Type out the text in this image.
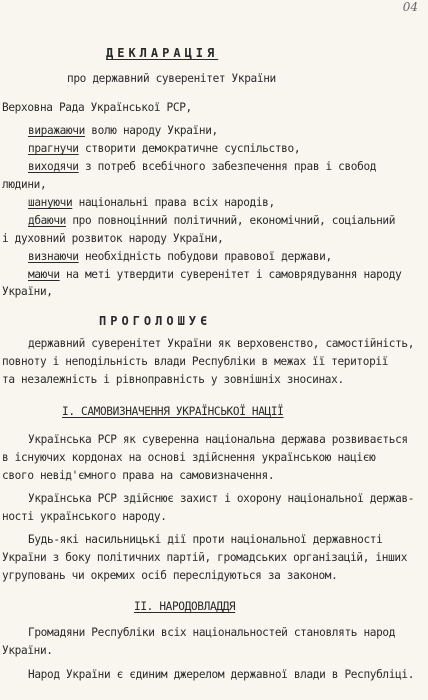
04
ДЕКЛАРАЦІЯ
про державний суверенітет України
Верховна Рада Української РСР,
виражаючи волю народу України,
прагнучи створити демократичне суспільство,
виходячи з потреб всебічного забезпечення прав і свобод
людини,
шануючи національні права всіх народів,
дбаючи про повноцінний політичний, економічний, соціальний
і духовний розвиток народу України,
визнаючи необхідність побудови правової держави,
маючи на меті утвердити суверенітет і самоврядування народу
України,
ПРОГОЛОШУЄ
державний суверенітет України як верховенство, самостійність,
повноту і неподільність влади Республіки в межах її території
та незалежність і рівноправність у зовнішніх зносинах.
І. САМОВИЗНАЧЕННЯ УКРАЇНСЬКОЇ НАЦІЇ
Українська РСР як суверенна національна держава розвивається
в існуючих кордонах на основі здійснення українською нацією
свого невід'ємного права на самовизначення.
Українська РСР здійснює захист і охорону національної держав-
ності українського народу.
Будь-які насильницькі дії проти національної державності
України з боку політичних партій, громадських організацій, інших
угруповань чи окремих осіб переслідуються за законом.
ІІ. НАРОДОВЛАДДЯ
Громадяни Республіки всіх національностей становлять народ
України.
Народ України є єдиним джерелом державної влади в Республіці.
